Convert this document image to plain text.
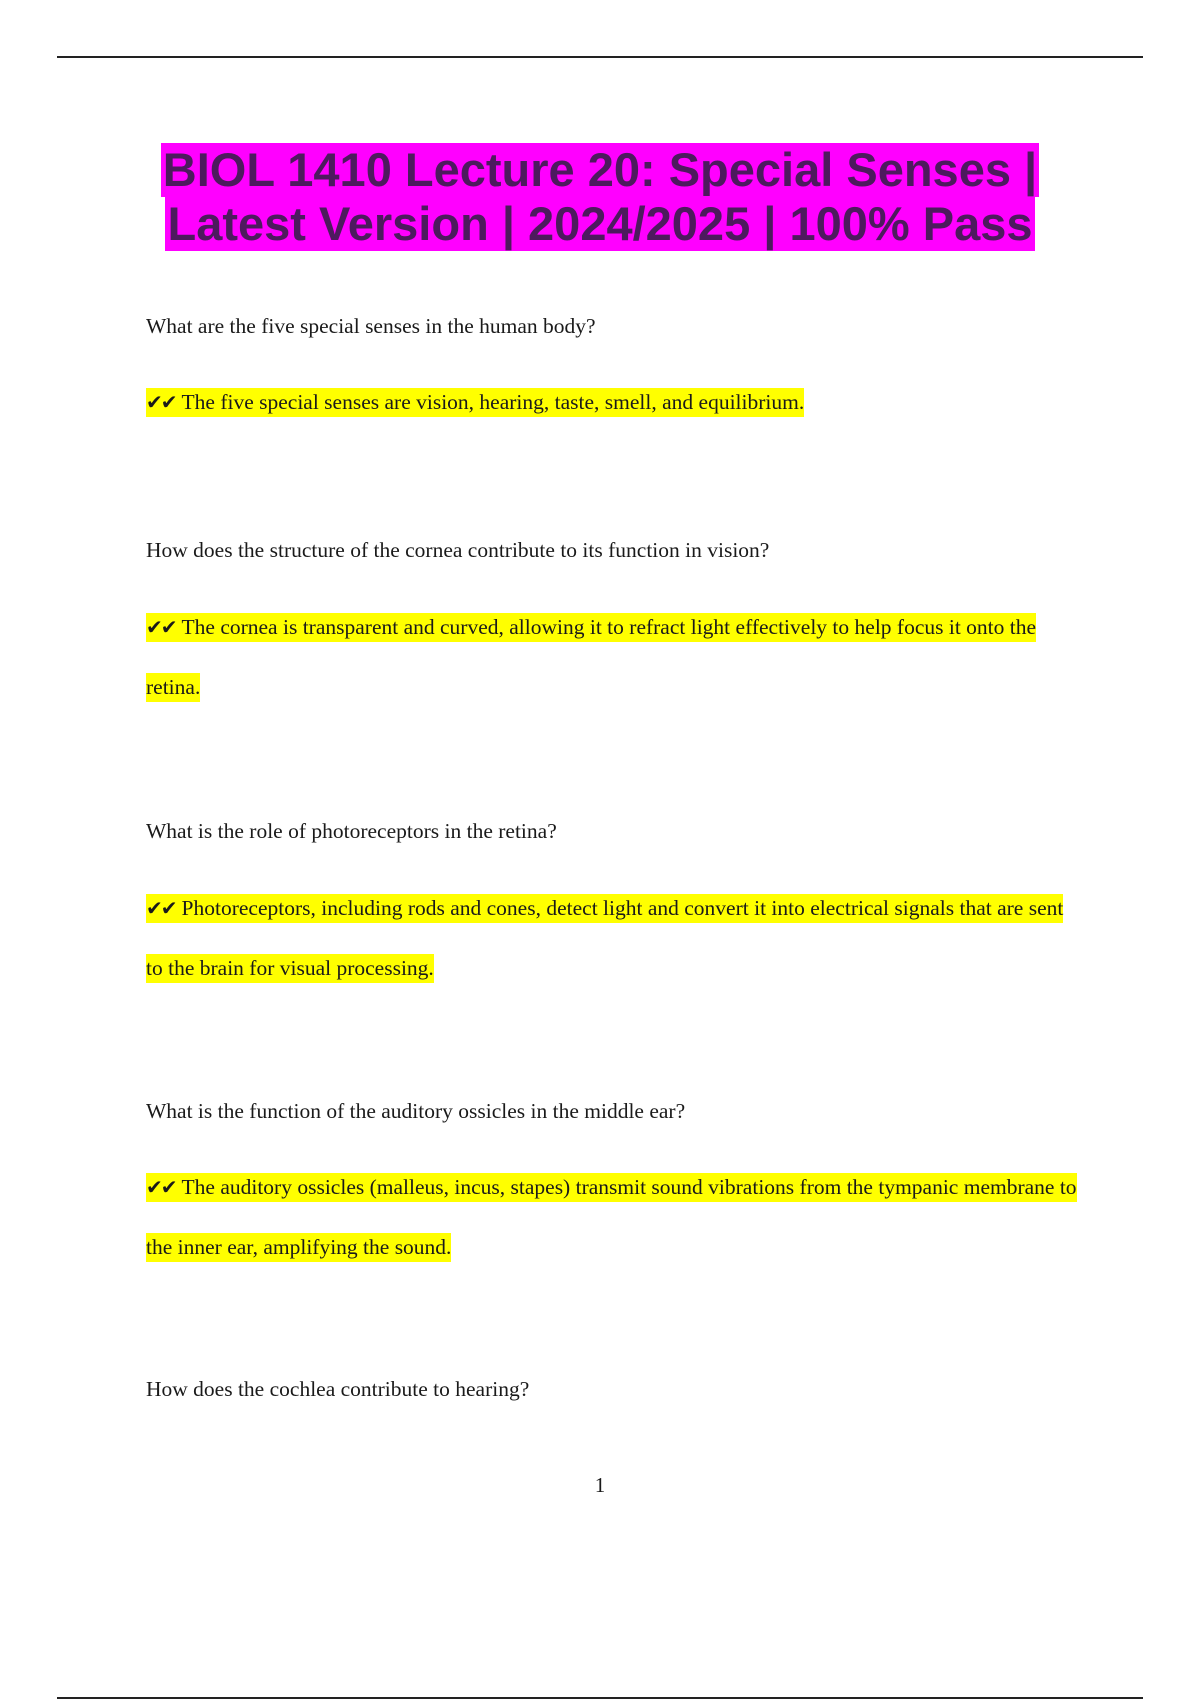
BIOL 1410 Lecture 20: Special Senses |
Latest Version | 2024/2025 | 100% Pass
What are the five special senses in the human body?
✔✔ The five special senses are vision, hearing, taste, smell, and equilibrium.
How does the structure of the cornea contribute to its function in vision?
✔✔ The cornea is transparent and curved, allowing it to refract light effectively to help focus it onto the retina.
What is the role of photoreceptors in the retina?
✔✔ Photoreceptors, including rods and cones, detect light and convert it into electrical signals that are sent to the brain for visual processing.
What is the function of the auditory ossicles in the middle ear?
✔✔ The auditory ossicles (malleus, incus, stapes) transmit sound vibrations from the tympanic membrane to the inner ear, amplifying the sound.
How does the cochlea contribute to hearing?
1
